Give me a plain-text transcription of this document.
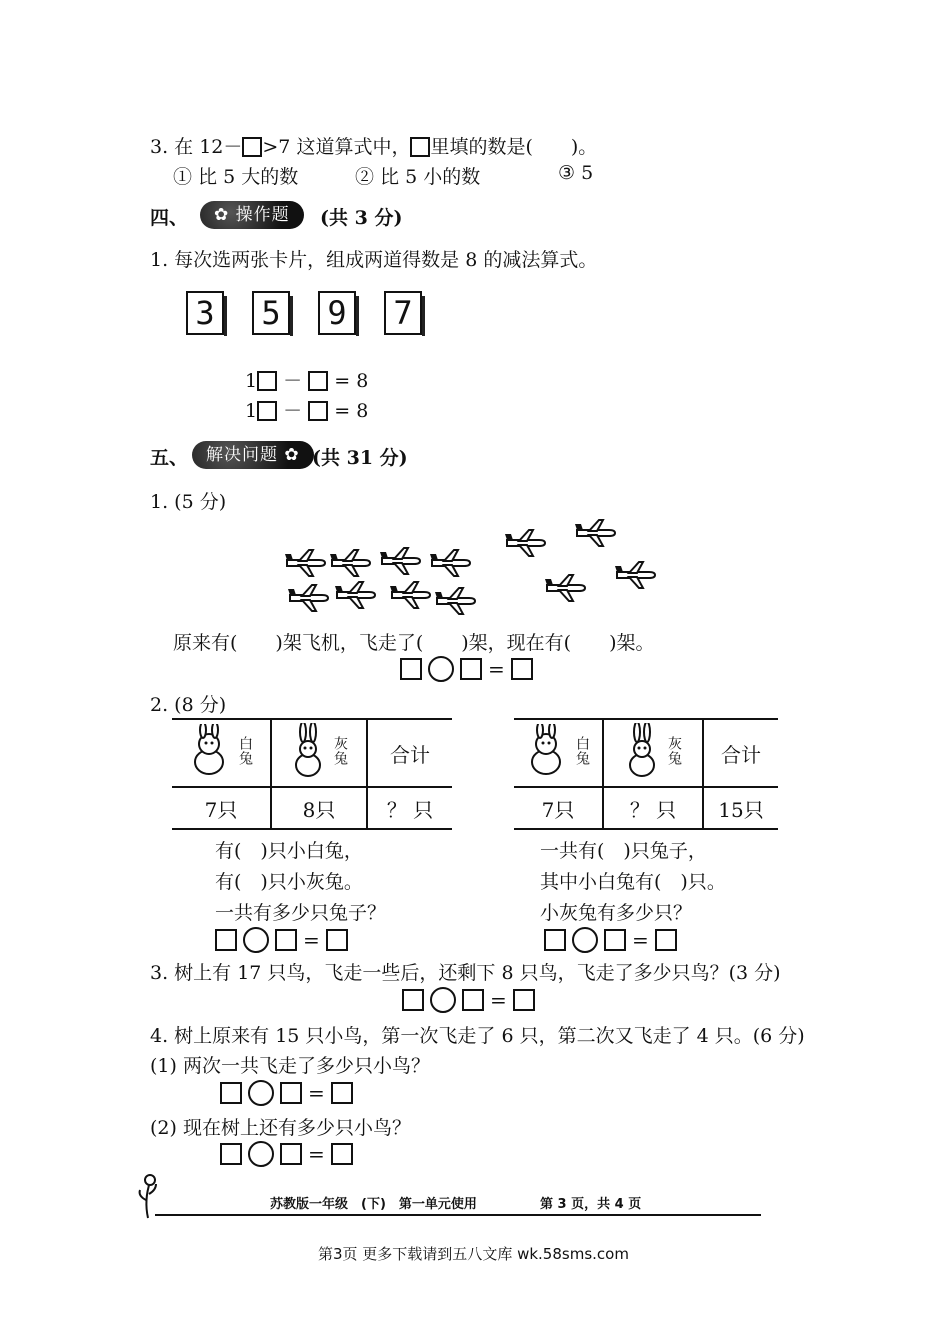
3. 在 12－ >7 这道算式中， 里填的数是(　　)。
① 比 5 大的数	② 比 5 小的数	③ 5
四、	✿ 操作题	(共 3 分)
1. 每次选两张卡片，组成两道得数是 8 的减法算式。
3 5 9 7
1 － = 8
1 － = 8
五、	解决问题 ✿ (共 31 分)
1. (5 分)
原来有(　　)架飞机，飞走了(　　)架，现在有(　　)架。
=
2. (8 分)
白兔	灰兔	合计
7只	8只	？ 只
白兔	灰兔	合计
7只	？ 只	15只
有(　)只小白兔，
有(　)只小灰兔。
一共有多少只兔子？
=
一共有(　)只兔子，
其中小白兔有(　)只。
小灰兔有多少只？
=
3. 树上有 17 只鸟，飞走一些后，还剩下 8 只鸟，飞走了多少只鸟？(3 分)
=
4. 树上原来有 15 只小鸟，第一次飞走了 6 只，第二次又飞走了 4 只。(6 分)
(1) 两次一共飞走了多少只小鸟？
=
(2) 现在树上还有多少只小鸟？
=
苏教版一年级　(下)　第一单元使用	第 3 页，共 4 页
第3页 更多下载请到五八文库 wk.58sms.com
